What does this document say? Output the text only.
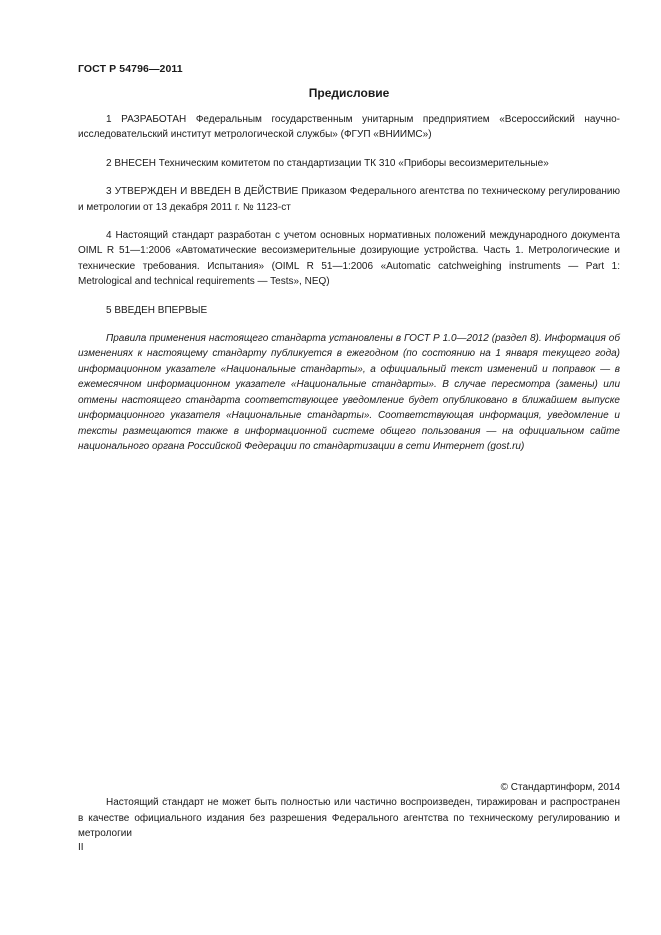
ГОСТ Р 54796—2011
Предисловие

1 РАЗРАБОТАН Федеральным государственным унитарным предприятием «Всероссийский научно-исследовательский институт метрологической службы» (ФГУП «ВНИИМС»)

2 ВНЕСЕН Техническим комитетом по стандартизации ТК 310 «Приборы весоизмерительные»

3 УТВЕРЖДЕН И ВВЕДЕН В ДЕЙСТВИЕ Приказом Федерального агентства по техническому регулированию и метрологии от 13 декабря 2011 г. № 1123-ст

4 Настоящий стандарт разработан с учетом основных нормативных положений международного документа OIML R 51—1:2006 «Автоматические весоизмерительные дозирующие устройства. Часть 1. Метрологические и технические требования. Испытания» (OIML R 51—1:2006 «Automatic catchweighing instruments — Part 1: Metrological and technical requirements — Tests», NEQ)

5 ВВЕДЕН ВПЕРВЫЕ

Правила применения настоящего стандарта установлены в ГОСТ Р 1.0—2012 (раздел 8). Информация об изменениях к настоящему стандарту публикуется в ежегодном (по состоянию на 1 января текущего года) информационном указателе «Национальные стандарты», а официальный текст изменений и поправок — в ежемесячном информационном указателе «Национальные стандарты». В случае пересмотра (замены) или отмены настоящего стандарта соответствующее уведомление будет опубликовано в ближайшем выпуске информационного указателя «Национальные стандарты». Соответствующая информация, уведомление и тексты размещаются также в информационной системе общего пользования — на официальном сайте национального органа Российской Федерации по стандартизации в сети Интернет (gost.ru)

© Стандартинформ, 2014

Настоящий стандарт не может быть полностью или частично воспроизведен, тиражирован и распространен в качестве официального издания без разрешения Федерального агентства по техническому регулированию и метрологии

II
